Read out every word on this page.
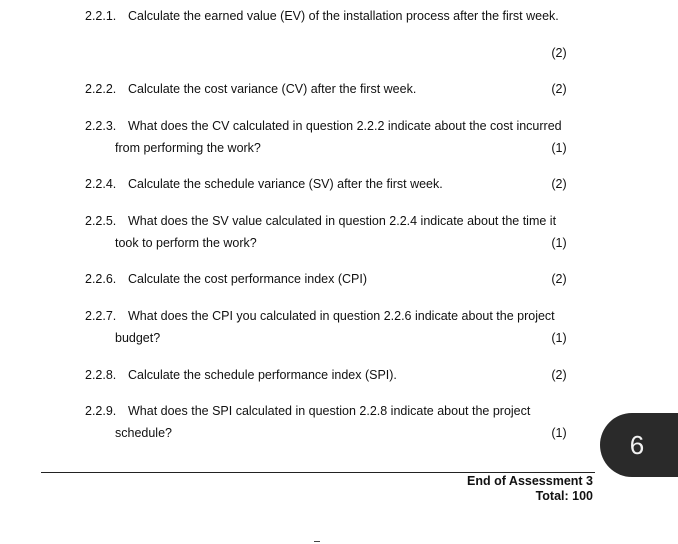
2.2.1. Calculate the earned value (EV) of the installation process after the first week.
(2)
2.2.2. Calculate the cost variance (CV) after the first week.	(2)
2.2.3. What does the CV calculated in question 2.2.2 indicate about the cost incurred
from performing the work?	(1)
2.2.4. Calculate the schedule variance (SV) after the first week.	(2)
2.2.5. What does the SV value calculated in question 2.2.4 indicate about the time it
took to perform the work?	(1)
2.2.6. Calculate the cost performance index (CPI)	(2)
2.2.7. What does the CPI you calculated in question 2.2.6 indicate about the project
budget?	(1)
2.2.8. Calculate the schedule performance index (SPI).	(2)
2.2.9. What does the SPI calculated in question 2.2.8 indicate about the project
schedule?	(1)
End of Assessment 3
Total: 100
6
